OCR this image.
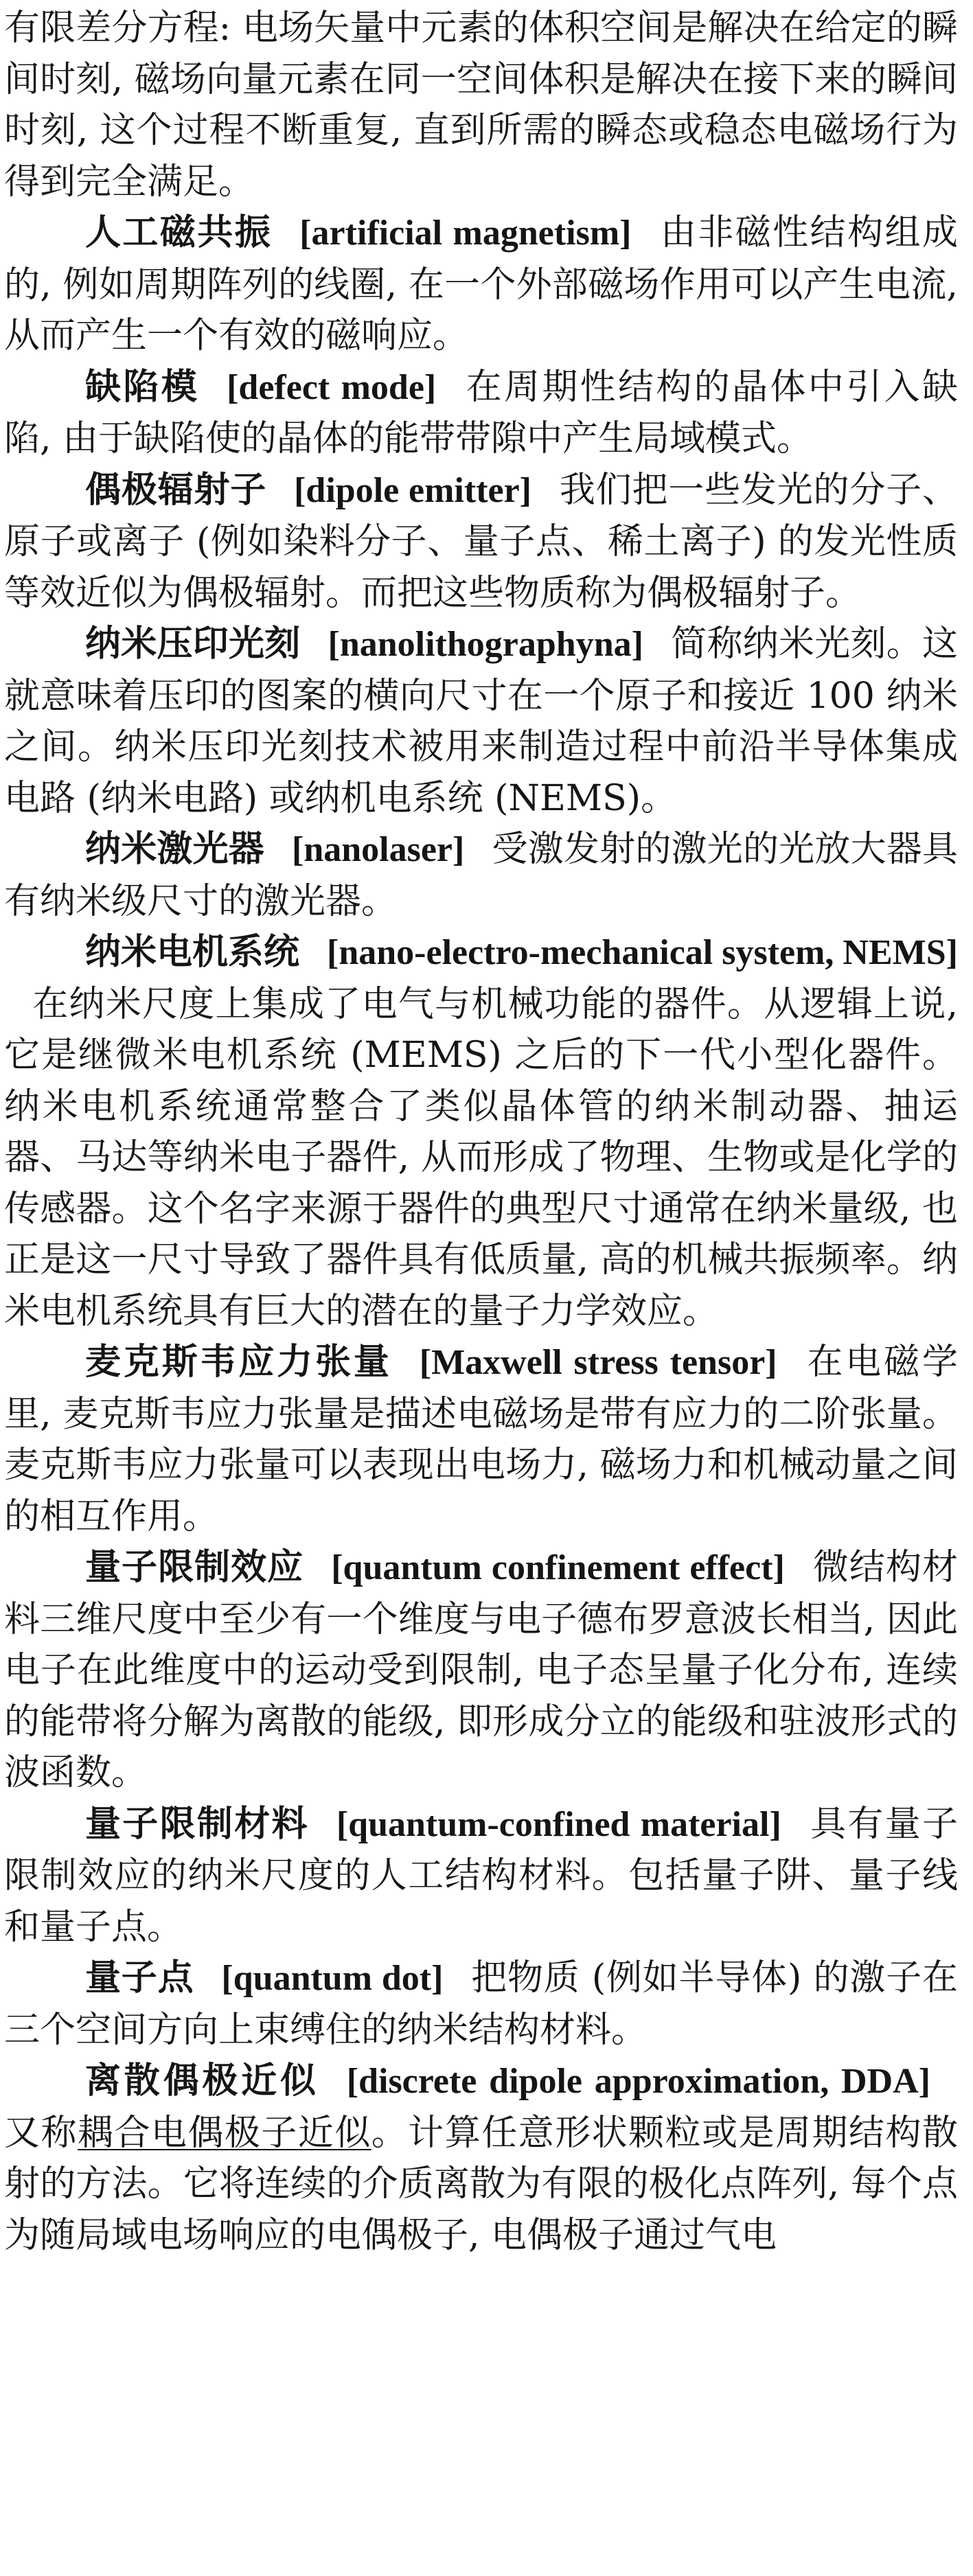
有限差分方程: 电场矢量中元素的体积空间是解决在给定的瞬间时刻, 磁场向量元素在同一空间体积是解决在接下来的瞬间时刻, 这个过程不断重复, 直到所需的瞬态或稳态电磁场行为得到完全满足。

人工磁共振 [artificial magnetism] 由非磁性结构组成的, 例如周期阵列的线圈, 在一个外部磁场作用可以产生电流, 从而产生一个有效的磁响应。

缺陷模 [defect mode] 在周期性结构的晶体中引入缺陷, 由于缺陷使的晶体的能带带隙中产生局域模式。

偶极辐射子 [dipole emitter] 我们把一些发光的分子、原子或离子 (例如染料分子、量子点、稀土离子) 的发光性质等效近似为偶极辐射。而把这些物质称为偶极辐射子。

纳米压印光刻 [nanolithographyna] 简称纳米光刻。这就意味着压印的图案的横向尺寸在一个原子和接近 100 纳米之间。纳米压印光刻技术被用来制造过程中前沿半导体集成电路 (纳米电路) 或纳机电系统 (NEMS)。

纳米激光器 [nanolaser] 受激发射的激光的光放大器具有纳米级尺寸的激光器。

纳米电机系统 [nano-electro-mechanical system, NEMS]在纳米尺度上集成了电气与机械功能的器件。从逻辑上说, 它是继微米电机系统 (MEMS) 之后的下一代小型化器件。纳米电机系统通常整合了类似晶体管的纳米制动器、抽运器、马达等纳米电子器件, 从而形成了物理、生物或是化学的传感器。这个名字来源于器件的典型尺寸通常在纳米量级, 也正是这一尺寸导致了器件具有低质量, 高的机械共振频率。纳米电机系统具有巨大的潜在的量子力学效应。

麦克斯韦应力张量 [Maxwell stress tensor] 在电磁学里, 麦克斯韦应力张量是描述电磁场是带有应力的二阶张量。麦克斯韦应力张量可以表现出电场力, 磁场力和机械动量之间的相互作用。

量子限制效应 [quantum confinement effect] 微结构材料三维尺度中至少有一个维度与电子德布罗意波长相当, 因此电子在此维度中的运动受到限制, 电子态呈量子化分布, 连续的能带将分解为离散的能级, 即形成分立的能级和驻波形式的波函数。

量子限制材料 [quantum-confined material] 具有量子限制效应的纳米尺度的人工结构材料。包括量子阱、量子线和量子点。

量子点 [quantum dot] 把物质 (例如半导体) 的激子在三个空间方向上束缚住的纳米结构材料。

离散偶极近似 [discrete dipole approximation, DDA]又称耦合电偶极子近似。计算任意形状颗粒或是周期结构散射的方法。它将连续的介质离散为有限的极化点阵列, 每个点为随局域电场响应的电偶极子, 电偶极子通过气电
